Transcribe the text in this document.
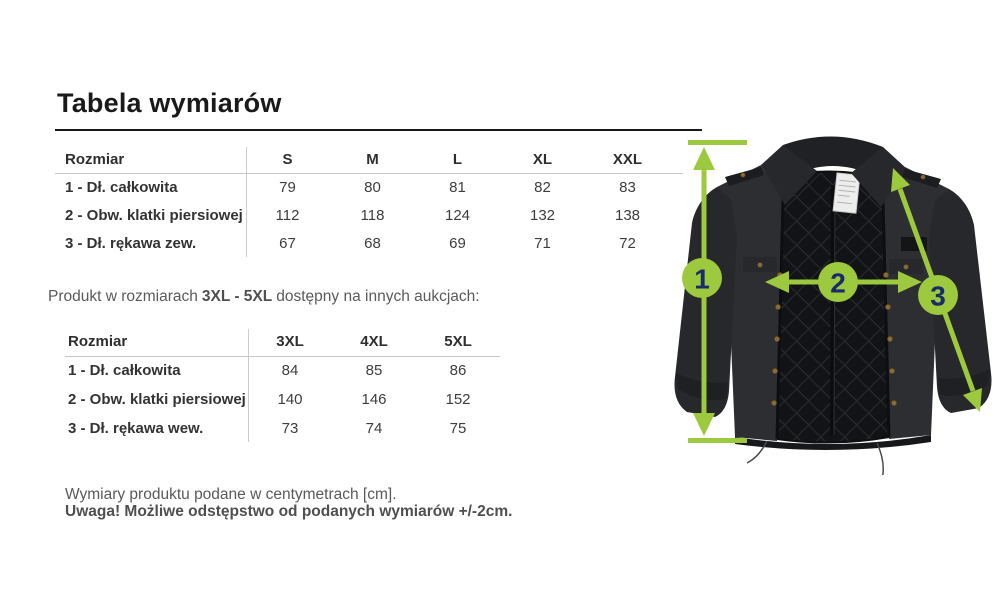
Tabela wymiarów
Rozmiar	S	M	L	XL	XXL
1 - Dł. całkowita	79	80	81	82	83
2 - Obw. klatki piersiowej	112	118	124	132	138
3 - Dł. rękawa zew.	67	68	69	71	72

Produkt w rozmiarach 3XL - 5XL dostępny na innych aukcjach:

Rozmiar	3XL	4XL	5XL
1 - Dł. całkowita	84	85	86
2 - Obw. klatki piersiowej	140	146	152
3 - Dł. rękawa wew.	73	74	75
Wymiary produktu podane w centymetrach [cm].
Uwaga! Możliwe odstępstwo od podanych wymiarów +/-2cm.
1	2	3
